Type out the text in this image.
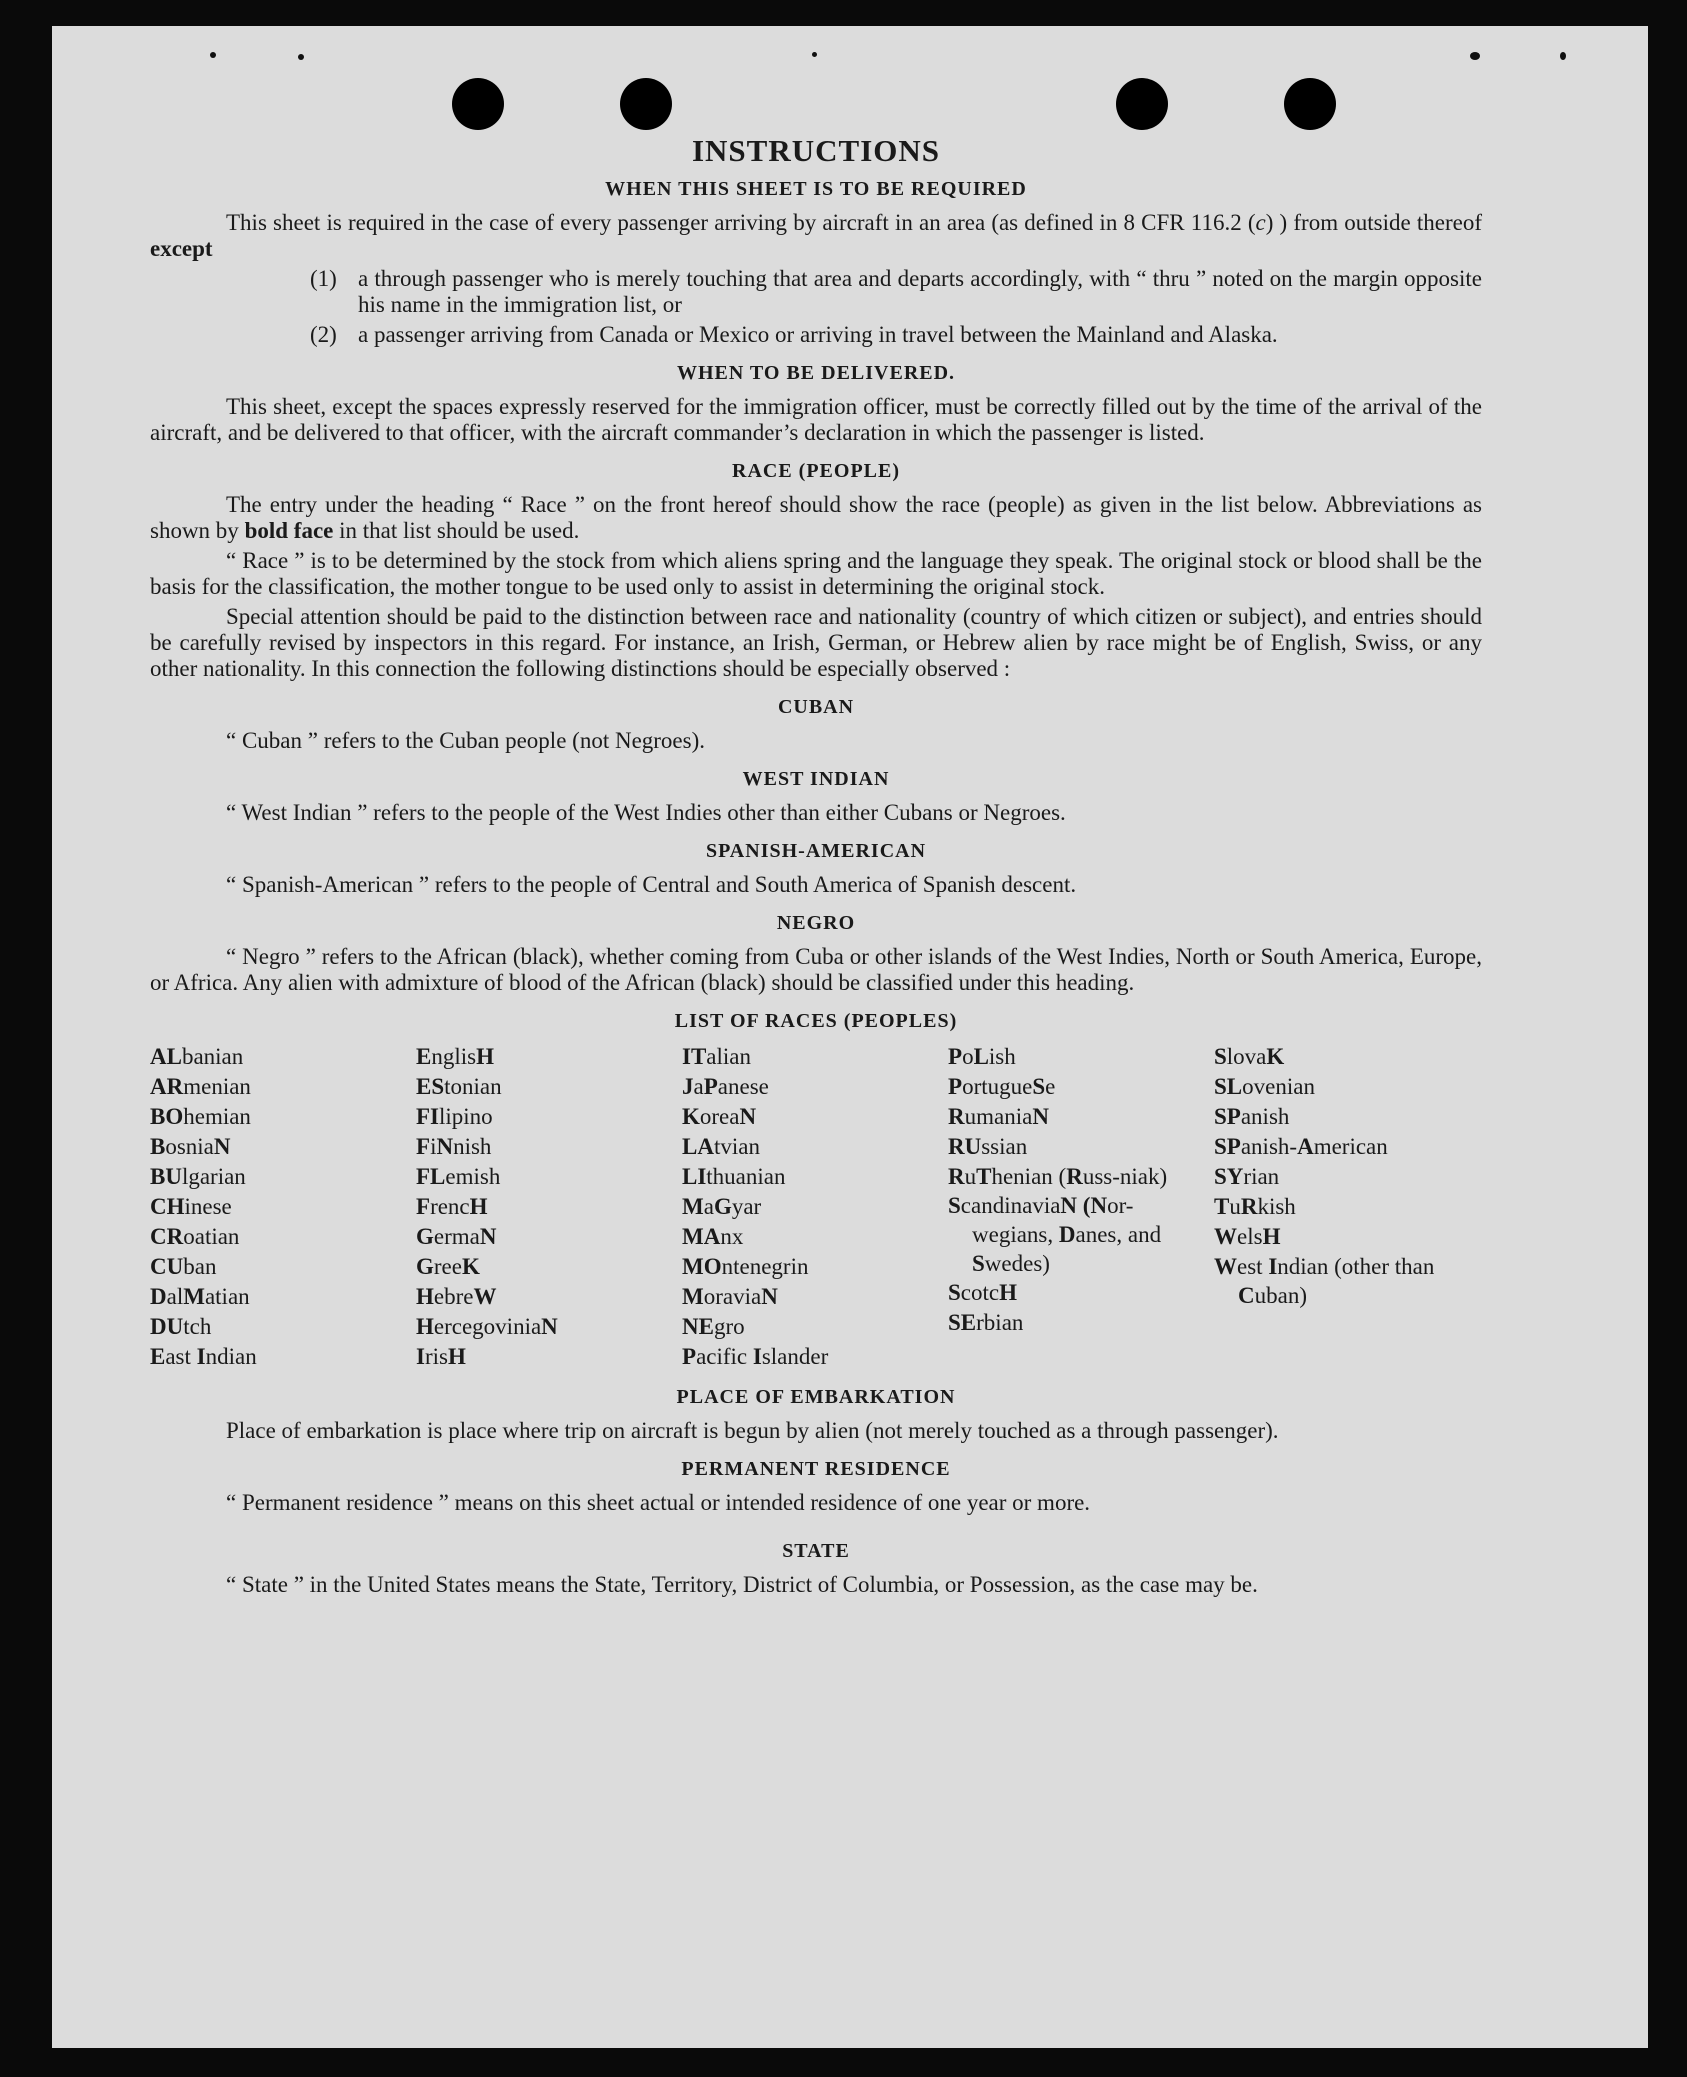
INSTRUCTIONS
WHEN THIS SHEET IS TO BE REQUIRED

This sheet is required in the case of every passenger arriving by aircraft in an area (as defined in 8 CFR 116.2 (c) ) from outside thereof except

(1) a through passenger who is merely touching that area and departs accordingly, with “ thru ” noted on the margin opposite his name in the immigration list, or
(2) a passenger arriving from Canada or Mexico or arriving in travel between the Mainland and Alaska.
WHEN TO BE DELIVERED.

This sheet, except the spaces expressly reserved for the immigration officer, must be correctly filled out by the time of the arrival of the aircraft, and be delivered to that officer, with the aircraft commander’s declaration in which the passenger is listed.

RACE (PEOPLE)

The entry under the heading “ Race ” on the front hereof should show the race (people) as given in the list below. Abbreviations as shown by bold face in that list should be used.

“ Race ” is to be determined by the stock from which aliens spring and the language they speak. The original stock or blood shall be the basis for the classification, the mother tongue to be used only to assist in determining the original stock.

Special attention should be paid to the distinction between race and nationality (country of which citizen or subject), and entries should be carefully revised by inspectors in this regard. For instance, an Irish, German, or Hebrew alien by race might be of English, Swiss, or any other nationality. In this connection the following distinctions should be especially observed :

CUBAN

“ Cuban ” refers to the Cuban people (not Negroes).

WEST INDIAN

“ West Indian ” refers to the people of the West Indies other than either Cubans or Negroes.

SPANISH-AMERICAN

“ Spanish-American ” refers to the people of Central and South America of Spanish descent.

NEGRO

“ Negro ” refers to the African (black), whether coming from Cuba or other islands of the West Indies, North or South America, Europe, or Africa. Any alien with admixture of blood of the African (black) should be classified under this heading.

LIST OF RACES (PEOPLES)
ALbanian
ARmenian
BOhemian
BosniaN
BUlgarian
CHinese
CRoatian
CUban
DalMatian
DUtch
East Indian
EnglisH
EStonian
FIlipino
FiNnish
FLemish
FrencH
GermaN
GreeK
HebreW
HercegoviniaN
IrisH
ITalian
JaPanese
KoreaN
LAtvian
LIthuanian
MaGyar
MAnx
MOntenegrin
MoraviaN
NEgro
Pacific Islander
PoLish
PortugueSe
RumaniaN
RUssian
RuThenian (Russ-niak)
ScandinaviaN (Nor-wegians, Danes, and Swedes)
ScotcH
SErbian
SlovaK
SLovenian
SPanish
SPanish-American
SYrian
TuRkish
WelsH
West Indian (other than Cuban)
PLACE OF EMBARKATION

Place of embarkation is place where trip on aircraft is begun by alien (not merely touched as a through passenger).

PERMANENT RESIDENCE

“ Permanent residence ” means on this sheet actual or intended residence of one year or more.

STATE

“ State ” in the United States means the State, Territory, District of Columbia, or Possession, as the case may be.
